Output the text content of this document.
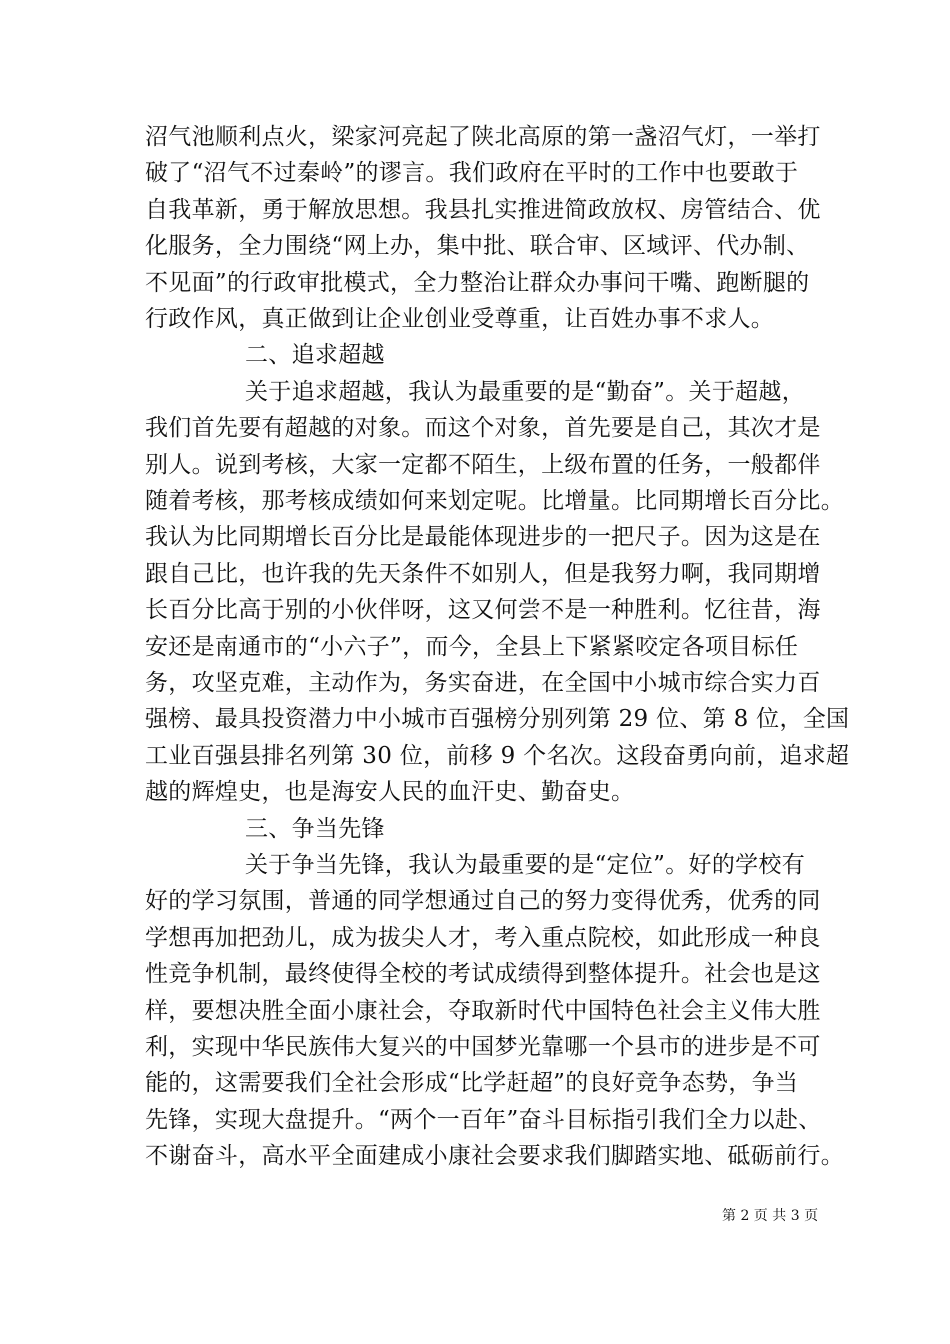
沼气池顺利点火，梁家河亮起了陕北高原的第一盏沼气灯，一举打
破了“沼气不过秦岭”的谬言。我们政府在平时的工作中也要敢于
自我革新，勇于解放思想。我县扎实推进简政放权、房管结合、优
化服务，全力围绕“网上办，集中批、联合审、区域评、代办制、
不见面”的行政审批模式，全力整治让群众办事问干嘴、跑断腿的
行政作风，真正做到让企业创业受尊重，让百姓办事不求人。
二、追求超越
关于追求超越，我认为最重要的是“勤奋”。关于超越，
我们首先要有超越的对象。而这个对象，首先要是自己，其次才是
别人。说到考核，大家一定都不陌生，上级布置的任务，一般都伴
随着考核，那考核成绩如何来划定呢。比增量。比同期增长百分比。
我认为比同期增长百分比是最能体现进步的一把尺子。因为这是在
跟自己比，也许我的先天条件不如别人，但是我努力啊，我同期增
长百分比高于别的小伙伴呀，这又何尝不是一种胜利。忆往昔，海
安还是南通市的“小六子”，而今，全县上下紧紧咬定各项目标任
务，攻坚克难，主动作为，务实奋进，在全国中小城市综合实力百
强榜、最具投资潜力中小城市百强榜分别列第 29 位、第 8 位，全国
工业百强县排名列第 30 位，前移 9 个名次。这段奋勇向前，追求超
越的辉煌史，也是海安人民的血汗史、勤奋史。
三、争当先锋
关于争当先锋，我认为最重要的是“定位”。好的学校有
好的学习氛围，普通的同学想通过自己的努力变得优秀，优秀的同
学想再加把劲儿，成为拔尖人才，考入重点院校，如此形成一种良
性竞争机制，最终使得全校的考试成绩得到整体提升。社会也是这
样，要想决胜全面小康社会，夺取新时代中国特色社会主义伟大胜
利，实现中华民族伟大复兴的中国梦光靠哪一个县市的进步是不可
能的，这需要我们全社会形成“比学赶超”的良好竞争态势，争当
先锋，实现大盘提升。“两个一百年”奋斗目标指引我们全力以赴、
不谢奋斗，高水平全面建成小康社会要求我们脚踏实地、砥砺前行。
第 2 页 共 3 页
